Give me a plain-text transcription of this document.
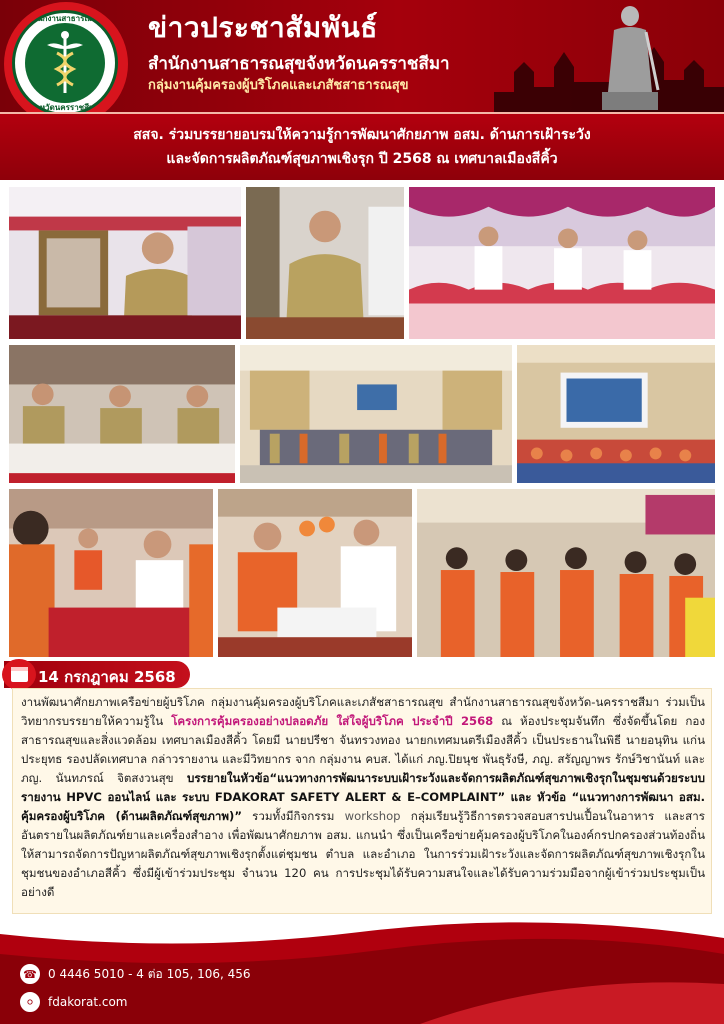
สำนักงานสาธารณสุข
จังหวัดนครราชสีมา
ข่าวประชาสัมพันธ์
สำนักงานสาธารณสุขจังหวัดนครราชสีมา
กลุ่มงานคุ้มครองผู้บริโภคและเภสัชสาธารณสุข
สสจ. ร่วมบรรยายอบรมให้ความรู้การพัฒนาศักยภาพ อสม. ด้านการเฝ้าระวัง
และจัดการผลิตภัณฑ์สุขภาพเชิงรุก ปี 2568 ณ เทศบาลเมืองสีคิ้ว
14 กรกฎาคม 2568

งานพัฒนาศักยภาพเครือข่ายผู้บริโภค กลุ่มงานคุ้มครองผู้บริโภคและเภสัชสาธารณสุข สำนักงานสาธารณสุขจังหวัด-นครราชสีมา ร่วมเป็นวิทยากรบรรยายให้ความรู้ใน โครงการคุ้มครองอย่างปลอดภัย ใส่ใจผู้บริโภค ประจำปี 2568 ณ ห้องประชุมจันทึก ซึ่งจัดขึ้นโดย กองสาธารณสุขและสิ่งแวดล้อม เทศบาลเมืองสีคิ้ว โดยมี นายปรีชา จันทรวงทอง นายกเทศมนตรีเมืองสีคิ้ว เป็นประธานในพิธี นายอนุทิน แก่นประยุทธ รองปลัดเทศบาล กล่าวรายงาน และมีวิทยากร จาก กลุ่มงาน คบส. ได้แก่ ภญ.ปิยนุช พันธุรังษี, ภญ. สรัญญาพร รักษ์วิชานันท์ และ ภญ. นันทภรณ์ จิตสงวนสุข บรรยายในหัวข้อ“แนวทางการพัฒนาระบบเฝ้าระวังและจัดการผลิตภัณฑ์สุขภาพเชิงรุกในชุมชนด้วยระบบรายงาน HPVC ออนไลน์ และ ระบบ FDAKORAT SAFETY ALERT & E–COMPLAINT” และ หัวข้อ “แนวทางการพัฒนา อสม. คุ้มครองผู้บริโภค (ด้านผลิตภัณฑ์สุขภาพ)” รวมทั้งมีกิจกรรม workshop กลุ่มเรียนรู้วิธีการตรวจสอบสารปนเปื้อนในอาหาร และสารอันตรายในผลิตภัณฑ์ยาและเครื่องสำอาง เพื่อพัฒนาศักยภาพ อสม. แกนนำ ซึ่งเป็นเครือข่ายคุ้มครองผู้บริโภคในองค์กรปกครองส่วนท้องถิ่นให้สามารถจัดการปัญหาผลิตภัณฑ์สุขภาพเชิงรุกตั้งแต่ชุมชน ตำบล และอำเภอ ในการร่วมเฝ้าระวังและจัดการผลิตภัณฑ์สุขภาพเชิงรุกในชุมชนของอำเภอสีคิ้ว ซึ่งมีผู้เข้าร่วมประชุม จำนวน 120 คน การประชุมได้รับความสนใจและได้รับความร่วมมือจากผู้เข้าร่วมประชุมเป็นอย่างดี

☎ 0 4446 5010 - 4 ต่อ 105, 106, 456
⚪	fdakorat.com
